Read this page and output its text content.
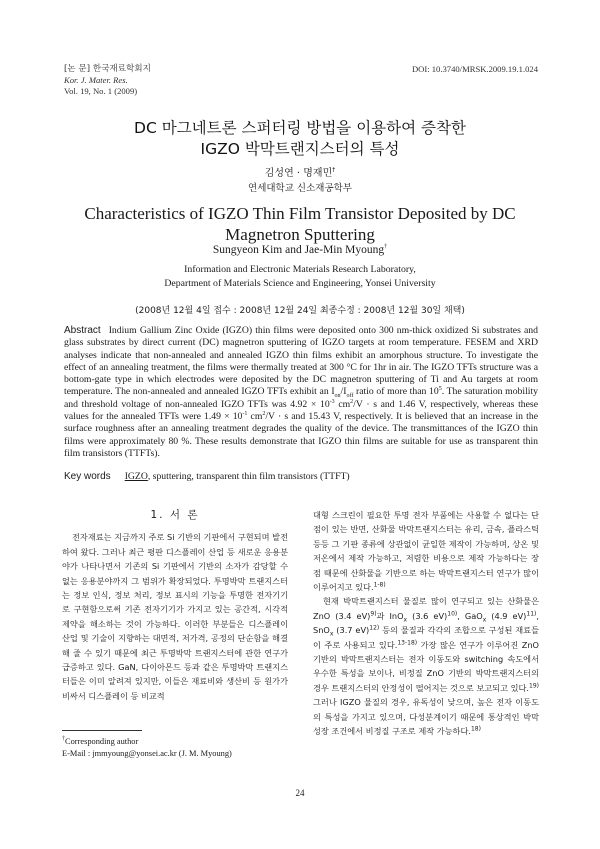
[논 문] 한국재료학회지
Kor. J. Mater. Res.
Vol. 19, No. 1 (2009)
DOI: 10.3740/MRSK.2009.19.1.024
DC 마그네트론 스퍼터링 방법을 이용하여 증착한
IGZO 박막트랜지스터의 특성
김성연 · 명재민†
연세대학교 신소재공학부
Characteristics of IGZO Thin Film Transistor Deposited by DC
Magnetron Sputtering
Sungyeon Kim and Jae-Min Myoung†
Information and Electronic Materials Research Laboratory,
Department of Materials Science and Engineering, Yonsei University
(2008년 12월 4일 접수 : 2008년 12월 24일 최종수정 : 2008년 12월 30일 채택)
Abstract Indium Gallium Zinc Oxide (IGZO) thin films were deposited onto 300 nm-thick oxidized Si substrates and glass substrates by direct current (DC) magnetron sputtering of IGZO targets at room temperature. FESEM and XRD analyses indicate that non-annealed and annealed IGZO thin films exhibit an amorphous structure. To investigate the effect of an annealing treatment, the films were thermally treated at 300 °C for 1hr in air. The IGZO TFTs structure was a bottom-gate type in which electrodes were deposited by the DC magnetron sputtering of Ti and Au targets at room temperature. The non-annealed and annealed IGZO TFTs exhibit an $I_{on}/I_{off}$ ratio of more than $10^5$. The saturation mobility and threshold voltage of non-annealed IGZO TFTs was $4.92 \times 10^{-3}$ $cm^2/V \cdot s$ and 1.46 V, respectively, whereas these values for the annealed TFTs were $1.49 \times 10^{-1}$ $cm^2/V \cdot s$ and 15.43 V, respectively. It is believed that an increase in the surface roughness after an annealing treatment degrades the quality of the device. The transmittances of the IGZO thin films were approximately 80 %. These results demonstrate that IGZO thin films are suitable for use as transparent thin film transistors (TTFTs).
Key words IGZO, sputtering, transparent thin film transistors (TTFT)
1. 서 론

전자재료는 지금까지 주로 Si 기반의 기판에서 구현되며 발전하여 왔다. 그러나 최근 평판 디스플레이 산업 등 새로운 응용분야가 나타나면서 기존의 Si 기판에서 기반의 소자가 감당할 수 없는 응용분야까지 그 범위가 확장되었다. 투명박막 트랜지스터는 정보 인식, 정보 처리, 정보 표시의 기능을 투명한 전자기기로 구현함으로써 기존 전자기기가 가지고 있는 공간적, 시각적 제약을 해소하는 것이 가능하다. 이러한 부분들은 디스플레이 산업 및 기술이 지향하는 대면적, 저가격, 공정의 단순함을 해결해 줄 수 있기 때문에 최근 투명박막 트랜지스터에 관한 연구가 급증하고 있다. GaN, 다이아몬드 등과 같은 투명박막 트랜지스터들은 이미 알려져 있지만, 이들은 재료비와 생산비 등 원가가 비싸서 디스플레이 등 비교적

대형 스크린이 필요한 투명 전자 부품에는 사용할 수 없다는 단점이 있는 반면, 산화물 박막트랜지스터는 유리, 금속, 플라스틱 등등 그 기판 종류에 상관없이 균일한 제작이 가능하며, 상온 및 저온에서 제작 가능하고, 저렴한 비용으로 제작 가능하다는 장점 때문에 산화물을 기반으로 하는 박막트랜지스터 연구가 많이 이루어지고 있다.$^{1-8)}$

현재 박막트랜지스터 물질로 많이 연구되고 있는 산화물은 ZnO (3.4 eV)$^{9)}$과 InO$_x$ (3.6 eV)$^{10)}$, GaO$_x$ (4.9 eV)$^{11)}$, SnO$_x$ (3.7 eV)$^{12)}$ 등의 물질과 각각의 조합으로 구성된 재료들이 주로 사용되고 있다.$^{13-18)}$ 가장 많은 연구가 이루어진 ZnO 기반의 박막트랜지스터는 전자 이동도와 switching 속도에서 우수한 특성을 보이나, 비정질 ZnO 기반의 박막트랜지스터의 경우 트랜지스터의 안정성이 떨어지는 것으로 보고되고 있다.$^{19)}$ 그러나 IGZO 물질의 경우, 유독성이 낮으며, 높은 전자 이동도의 특성을 가지고 있으며, 다성분계이기 때문에 통상적인 박막 성장 조건에서 비정질 구조로 제작 가능하다.$^{18)}$

†Corresponding author
E-Mail : jmmyoung@yonsei.ac.kr (J. M. Myoung)
24
